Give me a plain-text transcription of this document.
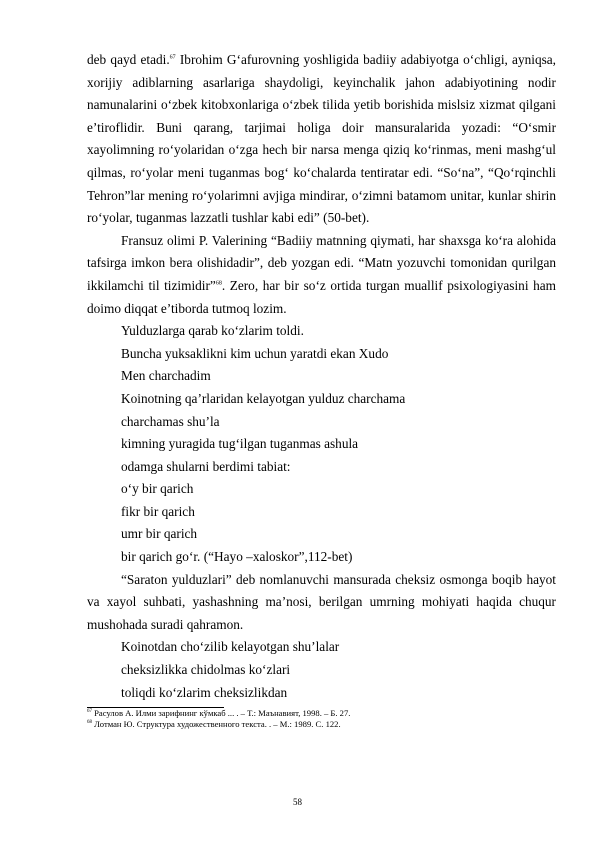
deb qayd etadi.$^{67}$ Ibrohim G‘afurovning yoshligida badiiy adabiyotga o‘chligi, ayniqsa, xorijiy adiblarning asarlariga shaydoligi, keyinchalik jahon adabiyotining nodir namunalarini o‘zbek kitobxonlariga o‘zbek tilida yetib borishida mislsiz xizmat qilgani e’tiroflidir. Buni qarang, tarjimai holiga doir mansuralarida yozadi: “O‘smir xayolimning ro‘yolaridan o‘zga hech bir narsa menga qiziq ko‘rinmas, meni mashg‘ul qilmas, ro‘yolar meni tuganmas bog‘ ko‘chalarda tentiratar edi. “So‘na”, “Qo‘rqinchli Tehron”lar mening ro‘yolarimni avjiga mindirar, o‘zimni batamom unitar, kunlar shirin ro‘yolar, tuganmas lazzatli tushlar kabi edi” (50-bet).

Fransuz olimi P. Valerining “Badiiy matnning qiymati, har shaxsga ko‘ra alohida tafsirga imkon bera olishidadir”, deb yozgan edi. “Matn yozuvchi tomonidan qurilgan ikkilamchi til tizimidir”$^{68}$. Zero, har bir so‘z ortida turgan muallif psixologiyasini ham doimo diqqat e’tiborda tutmoq lozim.

Yulduzlarga qarab ko‘zlarim toldi.

Buncha yuksaklikni kim uchun yaratdi ekan Xudo

Men charchadim

Koinotning qa’rlaridan kelayotgan yulduz charchama

charchamas shu’la

kimning yuragida tug‘ilgan tuganmas ashula

odamga shularni berdimi tabiat:

o‘y bir qarich

fikr bir qarich

umr bir qarich

bir qarich go‘r. (“Hayo –xaloskor”,112-bet)

“Saraton yulduzlari” deb nomlanuvchi mansurada cheksiz osmonga boqib hayot va xayol suhbati, yashashning ma’nosi, berilgan umrning mohiyati haqida chuqur mushohada suradi qahramon.

Koinotdan cho‘zilib kelayotgan shu’lalar

cheksizlikka chidolmas ko‘zlari

toliqdi ko‘zlarim cheksizlikdan

$^{67}$ Расулов А. Илми зарифнинг кўмкаб ... . – Т.: Маънавият, 1998. – Б. 27.

$^{68}$ Лотман Ю. Структура художественного текста. . – М.: 1989. С. 122.

58
